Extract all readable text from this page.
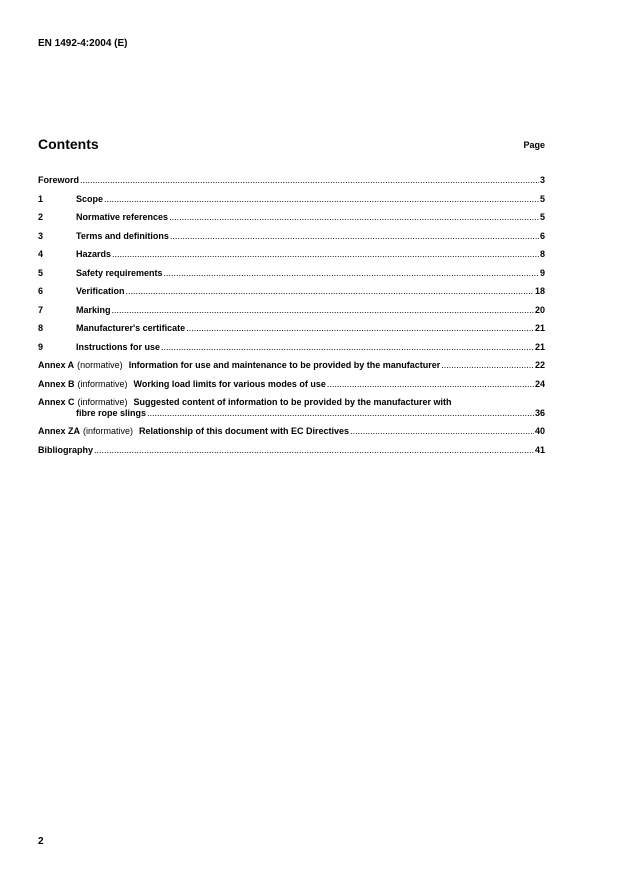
EN 1492-4:2004 (E)
Contents	Page
Foreword .....	3
1	Scope .....	5
2	Normative references .....	5
3	Terms and definitions .....	6
4	Hazards .....	8
5	Safety requirements .....	9
6	Verification .....	18
7	Marking .....	20
8	Manufacturer's certificate .....	21
9	Instructions for use .....	21
Annex A (normative) Information for use and maintenance to be provided by the manufacturer .....	22
Annex B (informative) Working load limits for various modes of use .....	24
Annex C (informative) Suggested content of information to be provided by the manufacturer with
fibre rope slings .....	36
Annex ZA (informative) Relationship of this document with EC Directives .....	40
Bibliography .....	41
2
